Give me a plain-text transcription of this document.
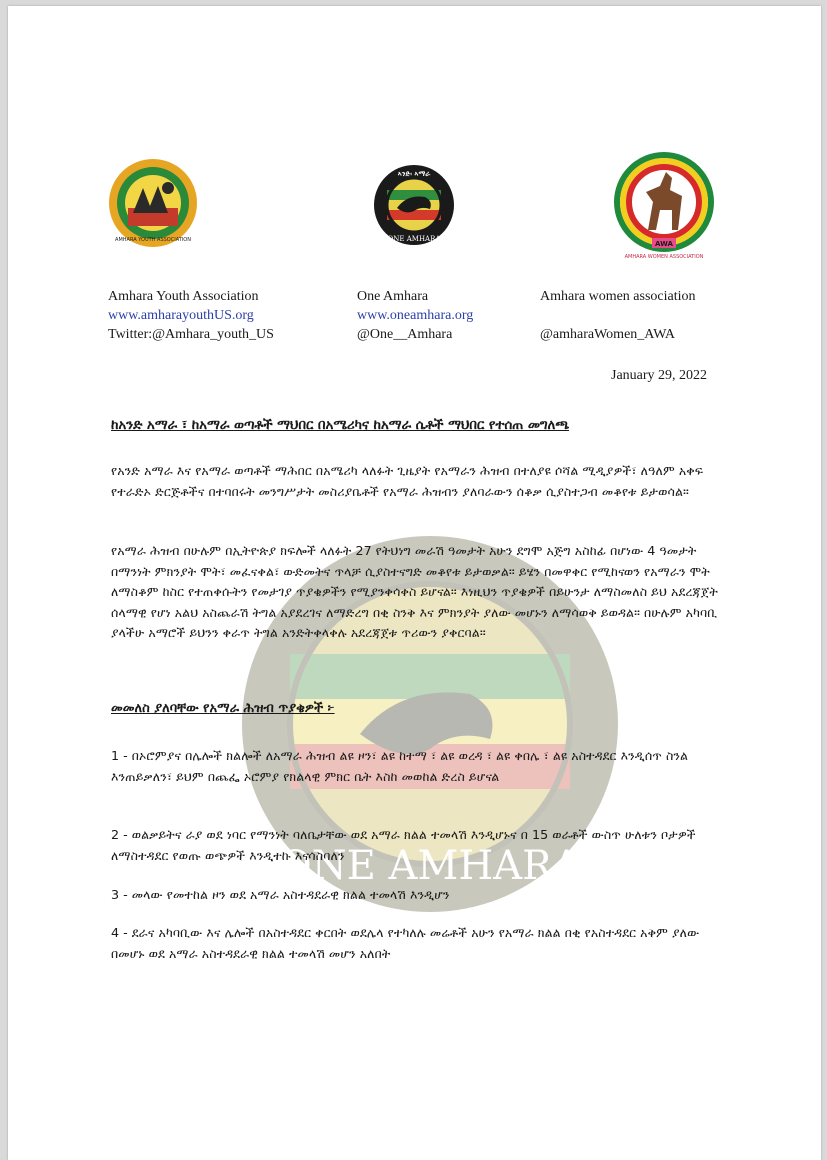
ONE AMHARA
AMHARA YOUTH ASSOCIATION
ኣንድ፡ ኣማራ
ONE AMHARA
AWA
AMHARA WOMEN ASSOCIATION
Amhara Youth Association
www.amharayouthUS.org
Twitter:@Amhara_youth_US
One Amhara
www.oneamhara.org
@One__Amhara
Amhara women association
@amharaWomen_AWA
January 29, 2022
ከአንድ አማራ ፣ ከአማራ ወጣቶች ማህበር በአሜሪካና ከአማራ ሴቶች ማህበር የተሰጠ መግለጫ
የአንድ አማራ እና የአማራ ወጣቶች ማሕበር በአሜሪካ ላለፉት ጊዜያት የአማራን ሕዝብ በተለያዩ ሶሻል ሚዲያዎች፣ ለዓለም አቀፍ የተራድኦ ድርጅቶችና በተባበሩት መንግሥታት መስሪያቤቶች የአማራ ሕዝብን ያለባራውን ሰቆቃ ሲያስተጋብ መቆየቱ ይታወሳል።
የአማራ ሕዝብ በሁሉም በኢትዮጵያ ክፍሎች ላለፉት 27 የትህነግ መራሽ ዓመታት አሁን ደግሞ አጅግ አስከፊ በሆነው 4 ዓመታት በማንነት ምክንያት ሞት፣ መፈናቀል፣ ውድመትና ጥላቻ ሲያስተናግድ መቆየቱ ይታወቃል። ይሄን በመዋቀር የሚከናወን የአማራን ሞት ለማስቆም ከስር የተጠቀሱትን የመታገያ ጥያቄዎችን የሚያንቀሳቀስ ይሆናል። እነዚህን ጥያቄዎች በይሁንታ ለማስመለስ ይህ አደረጃጀት ሰላማዊ የሆነ አልህ አስጨራሽ ትግል አያደረገና ለማድረግ በቂ ስንቅ እና ምክንያት ያለው መሆኑን ለማሳወቅ ይወዳል። በሁሉም አካባቢ ያላችሁ አማሮች ይህንን ቀራጥ ትግል አንድትቀላቀሉ አደረጃጀቱ ጥሪውን ያቀርባል።
መመለስ ያለባቸው የአማራ ሕዝብ ጥያቄዎች ፦
1 - በኦሮምያና በሌሎች ክልሎች ለአማራ ሕዝብ ልዩ ዞን፣ ልዩ ከተማ ፣ ልዩ ወረዳ ፣ ልዩ ቀበሌ ፣ ልዩ አስተዳደር እንዲሰጥ ስንል እንጠይቃለን፣ ይህም በጨፌ ኦሮምያ የክልላዊ ምክር ቤት እስከ መወከል ድረስ ይሆናል
2 - ወልቃይትና ራያ ወደ ነባር የማንነት ባለቤታቸው ወደ አማራ ክልል ተመላሽ እንዲሆኑና በ 15 ወራቶች ውስጥ ሁለቱን ቦታዎች ለማስተዳደር የወጡ ወጭዎች እንዲተኩ እናሳስባለን
3 - መላው የመተከል ዞን ወደ አማራ አስተዳደራዊ ክልል ተመላሽ እንዲሆን
4 - ደራና አካባቢው እና ሌሎች በአስተዳደር ቀርበት ወደሌላ የተካለሉ መሬቶች አሁን የአማራ ክልል በቂ የአስተዳደር አቅም ያለው በመሆኑ ወደ አማራ አስተዳደራዊ ክልል ተመላሽ መሆን አለበት
